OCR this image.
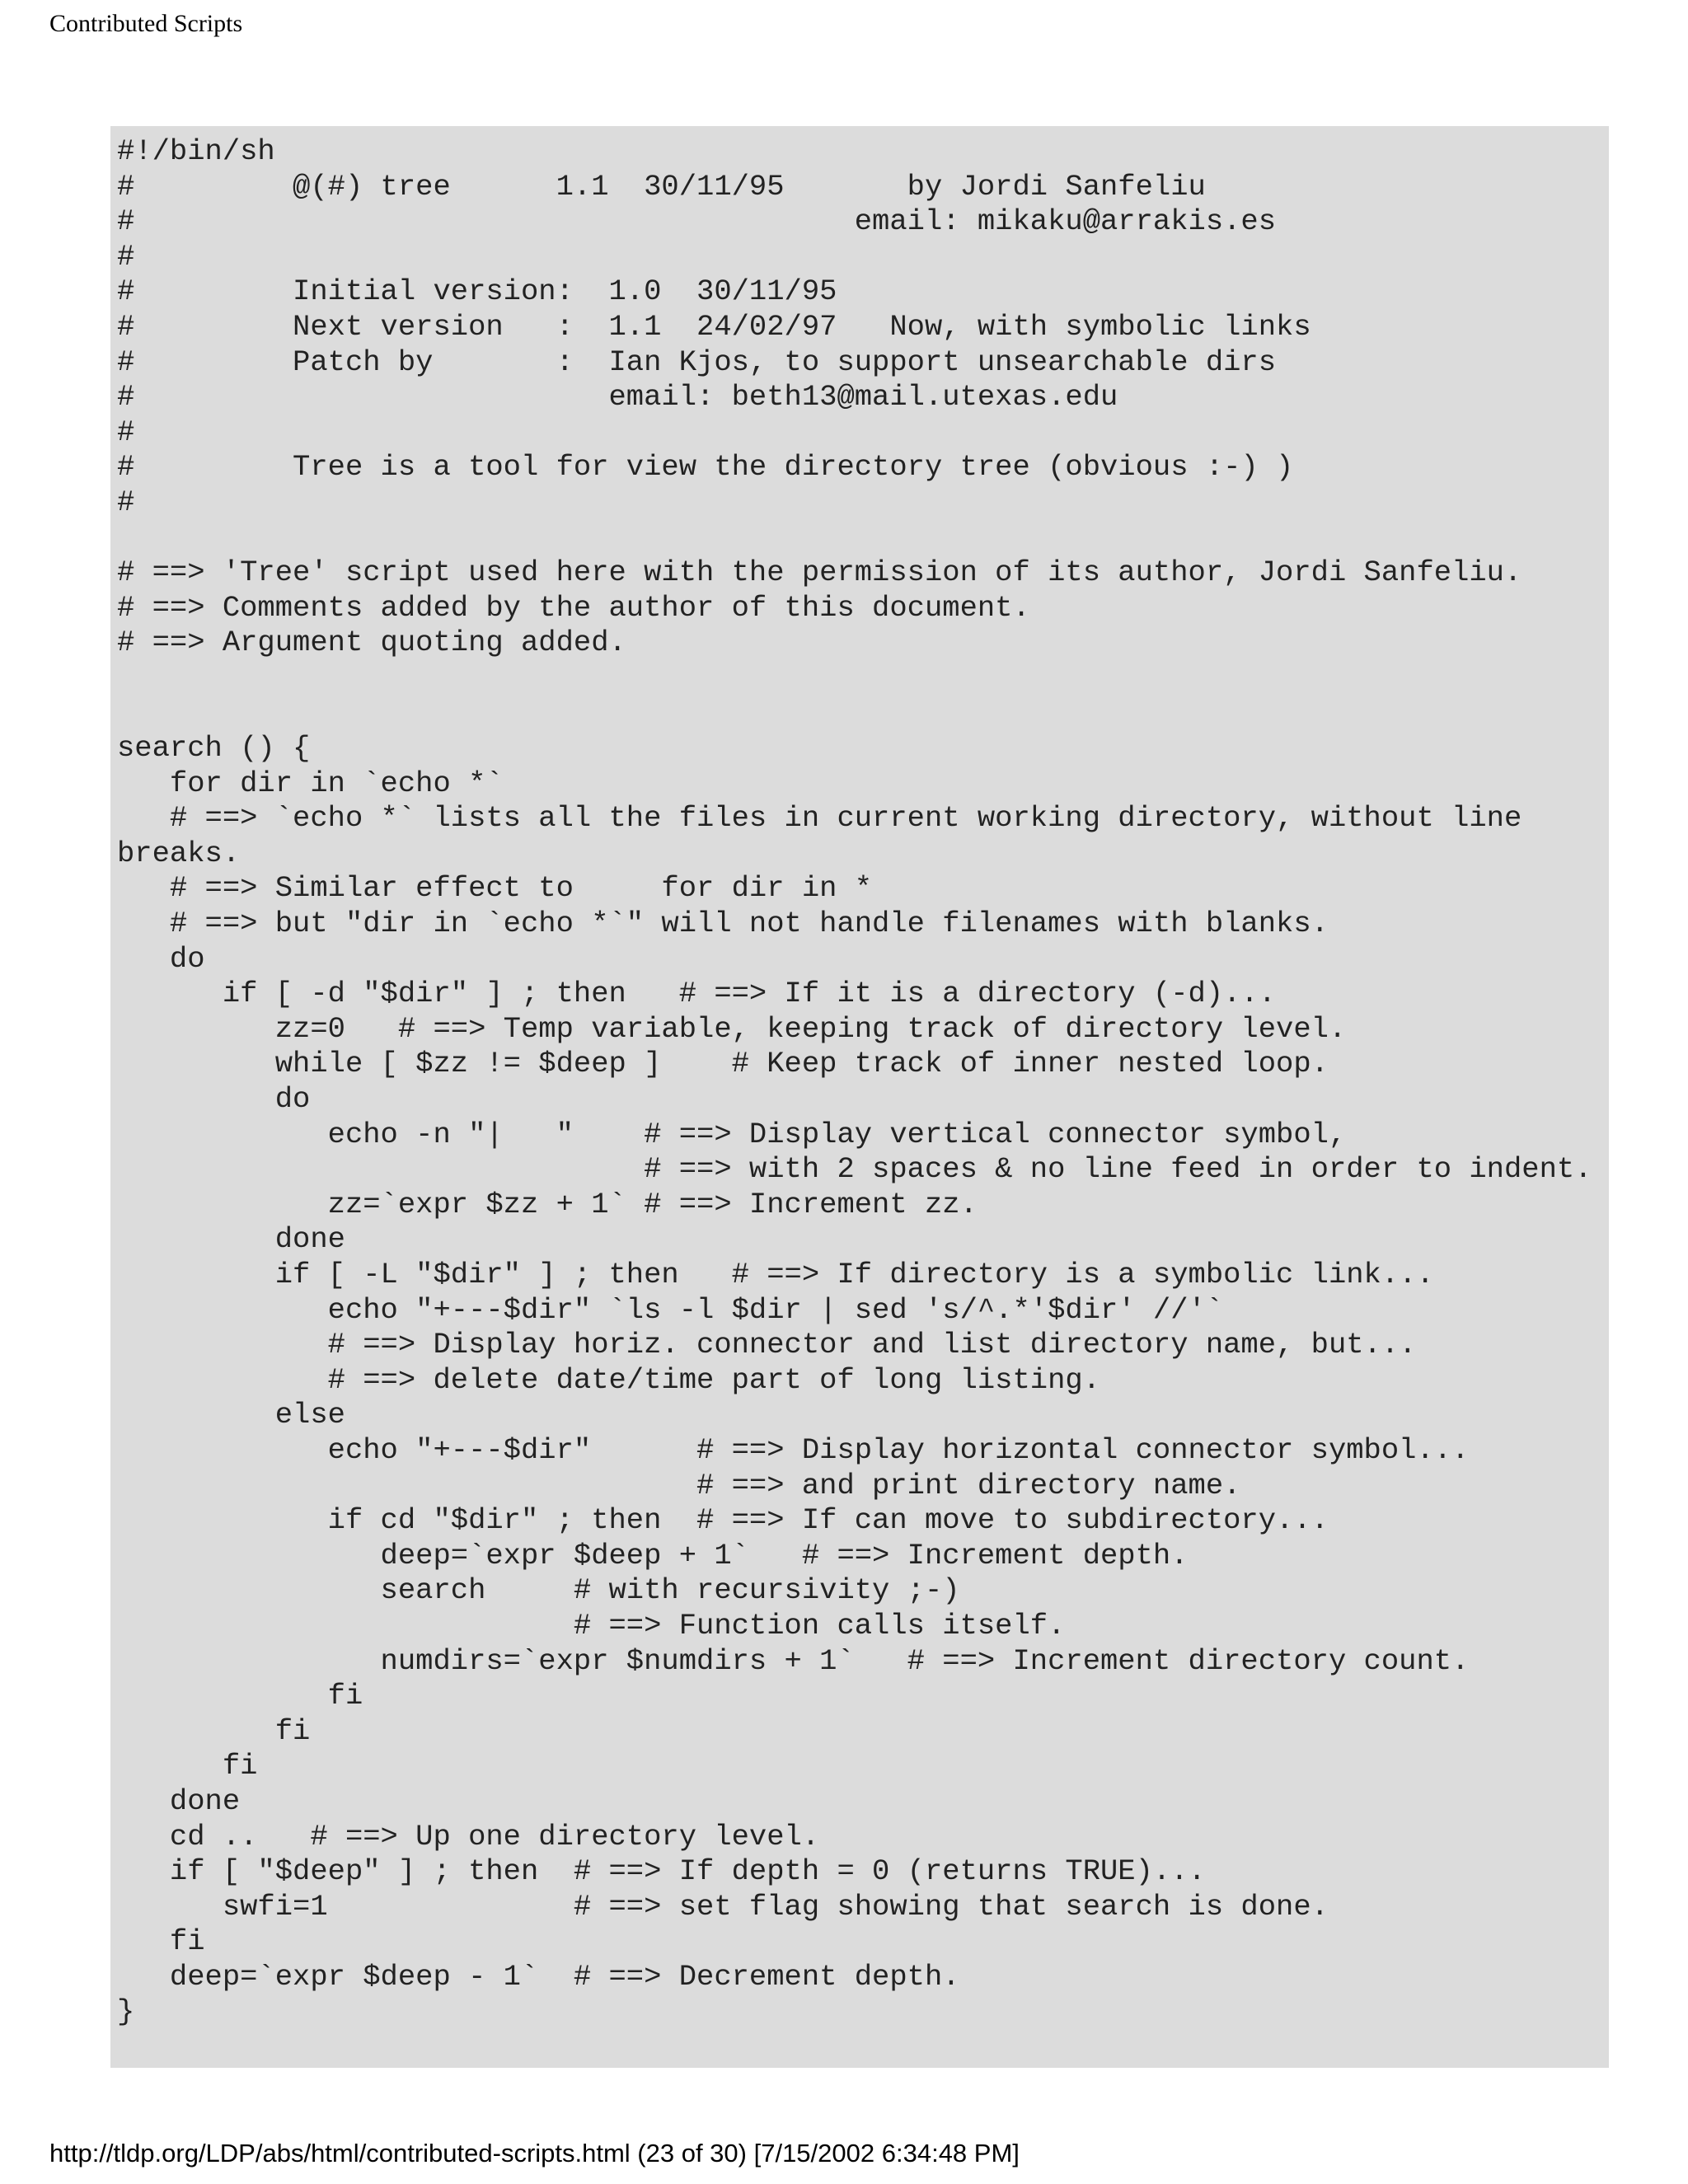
Contributed Scripts
#!/bin/sh
#         @(#) tree      1.1  30/11/95       by Jordi Sanfeliu
#                                         email: mikaku@arrakis.es
#
#         Initial version:  1.0  30/11/95
#         Next version   :  1.1  24/02/97   Now, with symbolic links
#         Patch by       :  Ian Kjos, to support unsearchable dirs
#                           email: beth13@mail.utexas.edu
#
#         Tree is a tool for view the directory tree (obvious :-) )
#
# ==> 'Tree' script used here with the permission of its author, Jordi Sanfeliu.
# ==> Comments added by the author of this document.
# ==> Argument quoting added.
search () {
for dir in `echo *`
# ==> `echo *` lists all the files in current working directory, without line
breaks.
# ==> Similar effect to     for dir in *
# ==> but "dir in `echo *`" will not handle filenames with blanks.
do
if [ -d "$dir" ] ; then   # ==> If it is a directory (-d)...
zz=0   # ==> Temp variable, keeping track of directory level.
while [ $zz != $deep ]    # Keep track of inner nested loop.
do
echo -n "|   "    # ==> Display vertical connector symbol,
# ==> with 2 spaces & no line feed in order to indent.
zz=`expr $zz + 1` # ==> Increment zz.
done
if [ -L "$dir" ] ; then   # ==> If directory is a symbolic link...
echo "+---$dir" `ls -l $dir | sed 's/^.*'$dir' //'`
# ==> Display horiz. connector and list directory name, but...
# ==> delete date/time part of long listing.
else
echo "+---$dir"      # ==> Display horizontal connector symbol...
# ==> and print directory name.
if cd "$dir" ; then  # ==> If can move to subdirectory...
deep=`expr $deep + 1`   # ==> Increment depth.
search     # with recursivity ;-)
# ==> Function calls itself.
numdirs=`expr $numdirs + 1`   # ==> Increment directory count.
fi
fi
fi
done
cd ..   # ==> Up one directory level.
if [ "$deep" ] ; then  # ==> If depth = 0 (returns TRUE)...
swfi=1              # ==> set flag showing that search is done.
fi
deep=`expr $deep - 1`  # ==> Decrement depth.
}
http://tldp.org/LDP/abs/html/contributed-scripts.html (23 of 30) [7/15/2002 6:34:48 PM]
